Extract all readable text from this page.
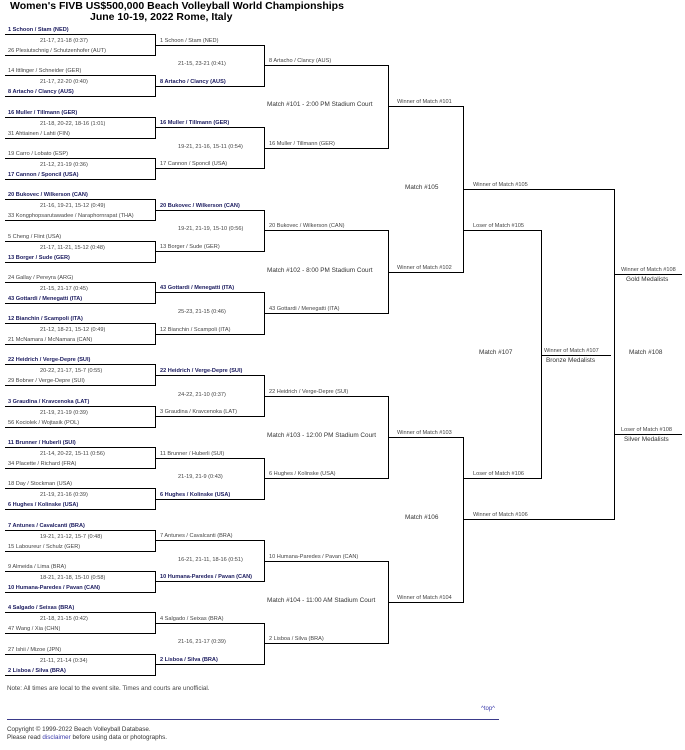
Women's FIVB US$500,000 Beach Volleyball World Championships
June 10-19, 2022 Rome, Italy
1 Schoon / Stam (NED)
21-17, 21-18 (0:37)
26 Plesiutschnig / Schutzenhofer (AUT)
14 Ittlinger / Schneider (GER)
21-17, 22-20 (0:40)
8 Artacho / Clancy (AUS)
16 Muller / Tillmann (GER)
21-18, 20-22, 18-16 (1:01)
31 Ahtiainen / Lahti (FIN)
19 Carro / Lobato (ESP)
21-12, 21-19 (0:36)
17 Cannon / Sponcil (USA)
20 Bukovec / Wilkerson (CAN)
21-16, 19-21, 15-12 (0:49)
33 Kongphopsarutawadee / Naraphornrapat (THA)
5 Cheng / Flint (USA)
21-17, 11-21, 15-12 (0:48)
13 Borger / Sude (GER)
24 Gallay / Pereyra (ARG)
21-15, 21-17 (0:45)
43 Gottardi / Menegatti (ITA)
12 Bianchin / Scampoli (ITA)
21-12, 18-21, 15-12 (0:49)
21 McNamara / McNamara (CAN)
22 Heidrich / Verge-Depre (SUI)
20-22, 21-17, 15-7 (0:55)
29 Bobner / Verge-Depre (SUI)
3 Graudina / Kravcenoka (LAT)
21-19, 21-19 (0:39)
56 Kociolek / Wojtasik (POL)
11 Brunner / Huberli (SUI)
21-14, 20-22, 15-11 (0:56)
34 Placette / Richard (FRA)
18 Day / Stockman (USA)
21-19, 21-16 (0:39)
6 Hughes / Kolinske (USA)
7 Antunes / Cavalcanti (BRA)
19-21, 21-12, 15-7 (0:48)
15 Laboureur / Schulz (GER)
9 Almeida / Lima (BRA)
18-21, 21-18, 15-10 (0:58)
10 Humana-Paredes / Pavan (CAN)
4 Salgado / Seixas (BRA)
21-18, 21-15 (0:42)
47 Wang / Xia (CHN)
27 Ishii / Mizoe (JPN)
21-11, 21-14 (0:34)
2 Lisboa / Silva (BRA)
1 Schoon / Stam (NED)
21-15, 23-21 (0:41)
8 Artacho / Clancy (AUS)
16 Muller / Tillmann (GER)
19-21, 21-16, 15-11 (0:54)
17 Cannon / Sponcil (USA)
20 Bukovec / Wilkerson (CAN)
19-21, 21-19, 15-10 (0:56)
13 Borger / Sude (GER)
43 Gottardi / Menegatti (ITA)
25-23, 21-15 (0:46)
12 Bianchin / Scampoli (ITA)
22 Heidrich / Verge-Depre (SUI)
24-22, 21-10 (0:37)
3 Graudina / Kravcenoka (LAT)
11 Brunner / Huberli (SUI)
21-19, 21-9 (0:43)
6 Hughes / Kolinske (USA)
7 Antunes / Cavalcanti (BRA)
16-21, 21-11, 18-16 (0:51)
10 Humana-Paredes / Pavan (CAN)
4 Salgado / Seixas (BRA)
21-16, 21-17 (0:39)
2 Lisboa / Silva (BRA)
8 Artacho / Clancy (AUS)
Match #101 - 2:00 PM Stadium Court
16 Muller / Tillmann (GER)
20 Bukovec / Wilkerson (CAN)
Match #102 - 8:00 PM Stadium Court
43 Gottardi / Menegatti (ITA)
22 Heidrich / Verge-Depre (SUI)
Match #103 - 12:00 PM Stadium Court
6 Hughes / Kolinske (USA)
10 Humana-Paredes / Pavan (CAN)
Match #104 - 11:00 AM Stadium Court
2 Lisboa / Silva (BRA)
Winner of Match #101
Match #105
Winner of Match #102
Winner of Match #103
Match #106
Winner of Match #104
Winner of Match #105
Winner of Match #106
Match #108
Loser of Match #105
Loser of Match #106
Match #107	Winner of Match #107
Bronze Medalists
Winner of Match #108
Gold Medalists
Loser of Match #108
Silver Medalists
Note: All times are local to the event site. Times and courts are unofficial.
^top^
Copyright © 1999-2022 Beach Volleyball Database.
Please read disclaimer before using data or photographs.
